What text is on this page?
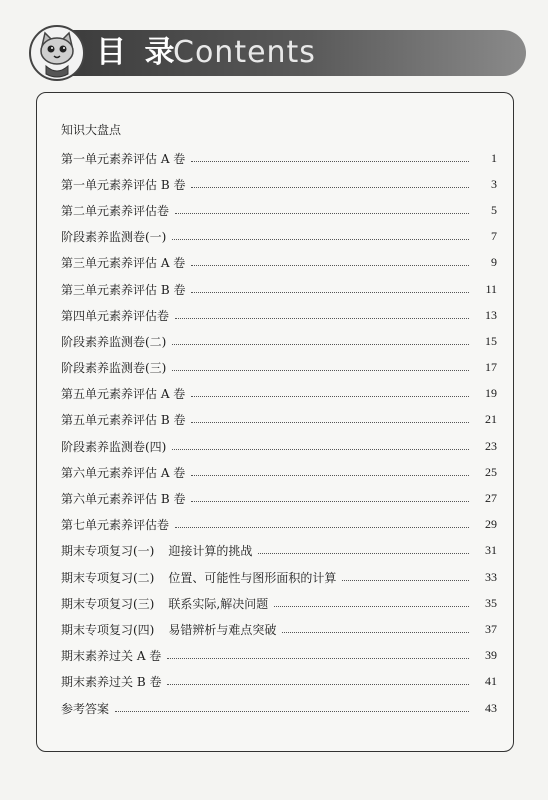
目 录
Contents
知识大盘点
第一单元素养评估 A 卷	1
第一单元素养评估 B 卷	3
第二单元素养评估卷	5
阶段素养监测卷(一)	7
第三单元素养评估 A 卷	9
第三单元素养评估 B 卷	11
第四单元素养评估卷	13
阶段素养监测卷(二)	15
阶段素养监测卷(三)	17
第五单元素养评估 A 卷	19
第五单元素养评估 B 卷	21
阶段素养监测卷(四)	23
第六单元素养评估 A 卷	25
第六单元素养评估 B 卷	27
第七单元素养评估卷	29
期末专项复习(一) 迎接计算的挑战	31
期末专项复习(二) 位置、可能性与图形面积的计算	33
期末专项复习(三) 联系实际,解决问题	35
期末专项复习(四) 易错辨析与难点突破	37
期末素养过关 A 卷	39
期末素养过关 B 卷	41
参考答案	43
